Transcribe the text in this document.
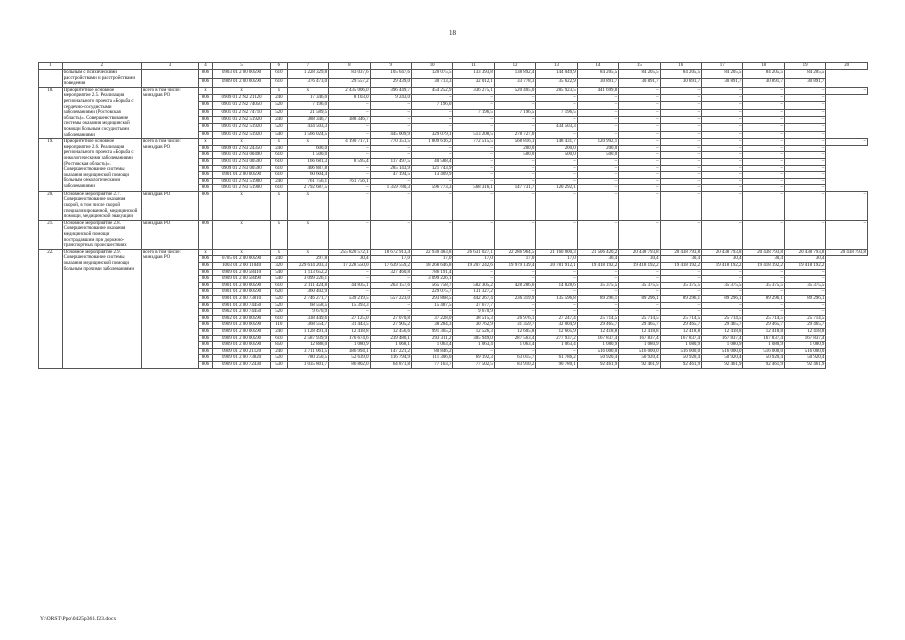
18
1	2	3	4	5	6	7	8	9	10	11	12	13	14	15	16	17	18	19	20
	больным с психическими расстройствами и расстройствами поведения		806	0903 01 2 00 00590	610	1 228 329,8	83 037,6	105 647,6	120 075,5	133 393,8	138 892,4	144 049,9	84 205,5	84 205,5	84 205,5	84 205,5	84 205,5	84 205,5	
			806	0909 01 2 00 00590	610	376 473,0	29 557,2	29 439,0	30 713,3	32 012,1	33 778,3	35 622,9	30 891,7	30 891,7	30 891,7	30 891,7	30 891,7	30 891,7	
18.	Приоритетное основное мероприятие 2.5. Реализация регионального проекта «Борьба с сердечно-сосудистыми заболеваниями (Ростовская область)». Совершенствование системы оказания медицинской помощи больным сосудистыми заболеваниями	всего в том числе: минздрав РО	x	x	x	x	2 435 006,0	396 449,7	454 252,9	336 275,1	520 405,0	285 923,5	441 699,8	–	–	–	–	–	–
			806	0909 01 2 N2 21120	240	17 346,0	8 103,0	9 243,0	–	–	–	–	–	–	–	–	–	–	
			806	0901 01 2 N2 74050	520	7 196,0	–	–	7 196,0	–	–	–	–	–	–	–	–	–	
			806	0901 01 2 N2 74710	520	21 589,5	–	–	–	7 196,5	7 196,5	7 196,5	–	–	–	–	–	–	
			806	0901 01 2 N2 51920	240	388 346,7	388 346,7	–	–	–	–	–	–	–	–	–	–	–	
			806	0901 01 2 N2 51920	520	434 503,3	–	–	–	–	–	434 503,3	–	–	–	–	–	–	
			806	0901 01 2 N2 51920	540	1 566 024,5	–	445 009,9	329 079,1	513 208,5	278 727,0	–	–	–	–	–	–	–	
19.	Приоритетное основное мероприятие 2.6. Реализация регионального проекта «Борьба с онкологическими заболеваниями (Ростовская область)». Совершенствование системы оказания медицинской помощи больным онкологическими заболеваниями	всего в том числе: минздрав РО	x	x	x	x	4 190 717,1	770 351,5	1 809 616,2	772 515,5	568 816,1	148 431,7	120 992,1	–	–	–	–	–	–
			806	0909 01 2 N3 24350	240	600,0	–	–	–	–	200,0	200,0	200,0	–	–	–	–	–	
			806	0901 01 2 N3 00490	610	1 500,0	–	–	–	–	500,0	500,0	500,0	–	–	–	–	–	
			806	0901 01 2 N3 00590	610	166 681,3	8 595,4	117 497,5	40 588,4	–	–	–	–	–	–	–	–	–	
			806	0909 01 2 N3 00590	610	406 887,8	–	285 143,9	121 743,9	–	–	–	–	–	–	–	–	–	
			806	0901 01 2 00 00590	610	60 604,4	–	47 194,5	13 409,9	–	–	–	–	–	–	–	–	–	
			806	0901 01 2 N3 51900	240	761 756,1	761 756,1	–	–	–	–	–	–	–	–	–	–	–	
			806	0901 01 2 N3 51900	610	2 792 687,5	–	1 359 780,3	596 773,3	568 316,1	147 731,7	120 292,1	–	–	–	–	–	–	
20.	Основное мероприятие 2.7. Совершенствование оказания скорой, в том числе скорой специализированной, медицинской помощи, медицинской эвакуации	минздрав РО	806	x	x	x	–	–	–	–	–	–	–	–	–	–	–	–	–
21.	Основное мероприятие 2.8. Совершенствование оказания медицинской помощи пострадавшим при дорожно-транспортных происшествиях	минздрав РО	806	x	x	x	–	–	–	–	–	–	–	–	–	–	–	–	–
22.	Основное мероприятие 2.9. Совершенствование системы оказания медицинской помощи больным прочими заболеваниями	всего в том числе: минздрав РО	x	x	x	x	255 820 572,1	18 672 913,4	22 930 483,8	26 631 027,1	22 286 964,5	21 160 000,3	21 506 420,2	20 438 793,8	20 438 793,8	20 438 793,8	20 438 793,8	20 438 793,8	20 438 793,8
			806	0705 01 2 00 00590	240	297,8	30,4	17,0	17,0	17,0	17,0	17,0	30,4	30,4	30,4	30,4	30,4	30,4	
			806	1003 01 2 00 11040	320	229 614 203,3	17 228 550,0	17 639 559,2	18 268 646,8	19 207 242,6	19 979 139,4	20 781 912,1	19 418 192,2	19 418 192,2	19 418 192,2	19 418 192,2	19 418 192,2	19 418 192,2	
			806	0909 01 2 00 58410	540	1 113 652,2	–	327 460,8	786 191,4	–	–	–	–	–	–	–	–	–	
			806	0909 01 2 00 58490	540	3 099 226,1	–	–	3 099 226,1	–	–	–	–	–	–	–	–	–	
			806	0901 01 2 00 00590	610	2 111 424,8	44 835,1	263 157,6	565 758,7	582 305,2	428 286,6	14 828,6	35 375,5	35 375,5	35 375,5	35 375,5	35 375,5	35 375,5	
			806	0901 01 2 00 00590	620	360 402,9	–	–	229 075,7	131 327,2	–	–	–	–	–	–	–	–	
			806	0901 01 2 00 73010	520	2 746 271,7	539 219,5	557 223,0	293 868,5	442 267,4	236 319,9	135 596,8	89 296,1	89 296,1	89 296,1	89 296,1	89 296,1	89 296,1	
			806	0901 01 2 00 74450	520	68 558,5	15 393,3	–	15 487,5	37 677,7	–	–	–	–	–	–	–	–	
			806	0902 01 2 00 74450	520	9 670,9	–	–	–	9 670,9	–	–	–	–	–	–	–	–	
			806	0902 01 2 00 00590	610	338 449,6	27 125,0	27 070,8	37 228,0	38 515,3	26 976,1	27 247,4	25 714,5	25 714,5	25 714,5	25 714,5	25 714,5	25 714,5	
			806	0909 01 2 00 00590	110	368 554,7	31 443,5	27 905,2	38 284,3	30 762,9	31 359,7	32 004,9	29 465,7	29 465,7	29 465,7	29 465,7	29 465,7	29 465,7	
			806	0909 01 2 00 00590	240	1 128 491,4	12 418,8	12 456,6	991 365,2	12 526,3	12 605,8	12 605,9	12 418,8	12 418,8	12 418,8	12 418,8	12 418,8	12 418,8	
			806	0909 01 2 00 00590	610	2 587 939,9	176 674,6	239 480,1	293 311,2	305 949,0	287 563,4	277 937,2	167 837,4	167 837,4	167 837,4	167 837,4	167 837,4	167 837,4	
			806	0909 01 2 00 00590	850	12 888,0	1 080,9	1 068,1	1 063,4	1 063,4	1 063,4	1 063,4	1 080,9	1 080,9	1 080,9	1 080,9	1 080,9	1 080,9	
			806	0909 01 2 00 21120	240	3 711 061,5	386 994,1	147 221,2	80 846,2	–	–	–	516 000,0	516 000,0	516 000,0	516 000,0	516 000,0	516 000,0	
			806	0909 01 2 00 73820	520	780 250,5	52 639,0	116 794,9	111 306,0	69 192,3	63 015,7	61 786,2	50 920,4	50 920,4	50 920,4	50 920,4	50 920,4	50 920,4	
			806	0909 01 2 00 72430	530	1 035 801,7	86 802,0	64 871,8	77 163,7	77 502,5	83 910,2	90 780,1	92 461,9	92 461,9	92 461,9	92 461,9	92 461,9	92 461,9	
Y:\ORST\Ppo\0425p361.f23.docx
